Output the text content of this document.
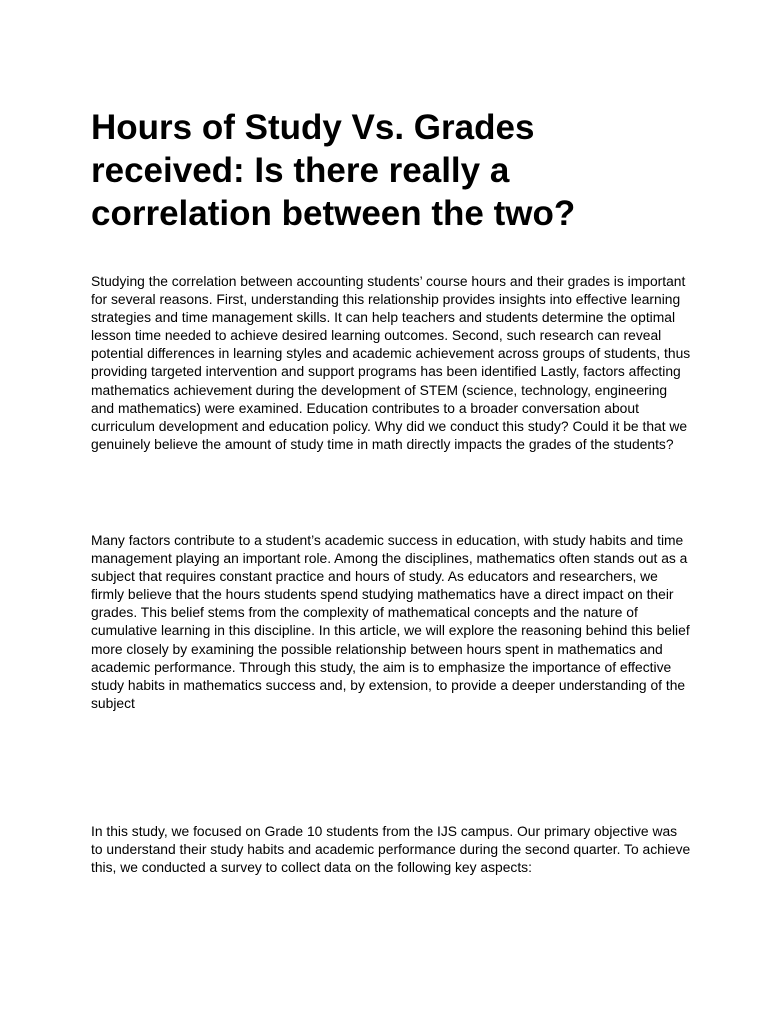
Hours of Study Vs. Grades received: Is there really a correlation between the two?

Studying the correlation between accounting students’ course hours and their grades is important for several reasons. First, understanding this relationship provides insights into effective learning strategies and time management skills. It can help teachers and students determine the optimal lesson time needed to achieve desired learning outcomes. Second, such research can reveal potential differences in learning styles and academic achievement across groups of students, thus providing targeted intervention and support programs has been identified Lastly, factors affecting mathematics achievement during the development of STEM (science, technology, engineering and mathematics) were examined. Education contributes to a broader conversation about curriculum development and education policy. Why did we conduct this study? Could it be that we genuinely believe the amount of study time in math directly impacts the grades of the students?

Many factors contribute to a student’s academic success in education, with study habits and time management playing an important role. Among the disciplines, mathematics often stands out as a subject that requires constant practice and hours of study. As educators and researchers, we firmly believe that the hours students spend studying mathematics have a direct impact on their grades. This belief stems from the complexity of mathematical concepts and the nature of cumulative learning in this discipline. In this article, we will explore the reasoning behind this belief more closely by examining the possible relationship between hours spent in mathematics and academic performance. Through this study, the aim is to emphasize the importance of effective study habits in mathematics success and, by extension, to provide a deeper understanding of the subject

In this study, we focused on Grade 10 students from the IJS campus. Our primary objective was to understand their study habits and academic performance during the second quarter. To achieve this, we conducted a survey to collect data on the following key aspects:
